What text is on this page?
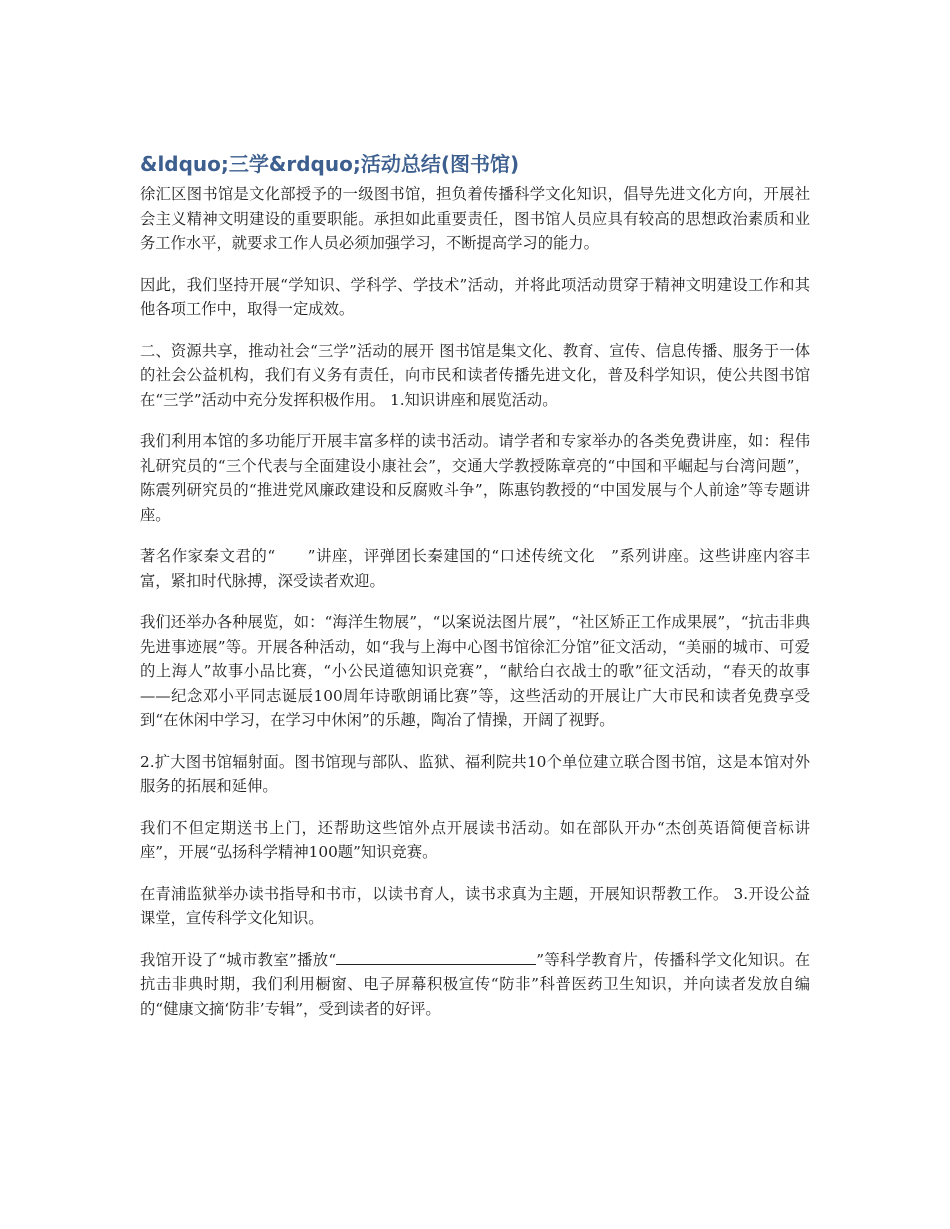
&ldquo;三学&rdquo;活动总结(图书馆)

徐汇区图书馆是文化部授予的一级图书馆，担负着传播科学文化知识，倡导先进文化方向，开展社会主义精神文明建设的重要职能。承担如此重要责任，图书馆人员应具有较高的思想政治素质和业务工作水平，就要求工作人员必须加强学习，不断提高学习的能力。

因此，我们坚持开展“学知识、学科学、学技术”活动，并将此项活动贯穿于精神文明建设工作和其他各项工作中，取得一定成效。

二、资源共享，推动社会“三学”活动的展开 图书馆是集文化、教育、宣传、信息传播、服务于一体的社会公益机构，我们有义务有责任，向市民和读者传播先进文化，普及科学知识，使公共图书馆在“三学”活动中充分发挥积极作用。 1.知识讲座和展览活动。

我们利用本馆的多功能厅开展丰富多样的读书活动。请学者和专家举办的各类免费讲座，如：程伟礼研究员的“三个代表与全面建设小康社会”，交通大学教授陈章亮的“中国和平崛起与台湾问题”，陈震列研究员的“推进党风廉政建设和反腐败斗争”，陈惠钧教授的“中国发展与个人前途”等专题讲座。

著名作家秦文君的“　　”讲座，评弹团长秦建国的“口述传统文化　”系列讲座。这些讲座内容丰富，紧扣时代脉搏，深受读者欢迎。

我们还举办各种展览，如：“海洋生物展”，“以案说法图片展”，“社区矫正工作成果展”，“抗击非典先进事迹展”等。开展各种活动，如“我与上海中心图书馆徐汇分馆”征文活动，“美丽的城市、可爱的上海人”故事小品比赛，“小公民道德知识竞赛”，“献给白衣战士的歌”征文活动，“春天的故事——纪念邓小平同志诞辰100周年诗歌朗诵比赛”等，这些活动的开展让广大市民和读者免费享受到“在休闲中学习，在学习中休闲”的乐趣，陶冶了情操，开阔了视野。

2.扩大图书馆辐射面。图书馆现与部队、监狱、福利院共10个单位建立联合图书馆，这是本馆对外服务的拓展和延伸。

我们不但定期送书上门，还帮助这些馆外点开展读书活动。如在部队开办“杰创英语简便音标讲座”，开展“弘扬科学精神100题”知识竞赛。

在青浦监狱举办读书指导和书市，以读书育人，读书求真为主题，开展知识帮教工作。 3.开设公益课堂，宣传科学文化知识。

我馆开设了“城市教室”播放“	”等科学教育片，传播科学文化知识。在抗击非典时期，我们利用橱窗、电子屏幕积极宣传“防非”科普医药卫生知识，并向读者发放自编的“健康文摘‘防非’专辑”，受到读者的好评。
